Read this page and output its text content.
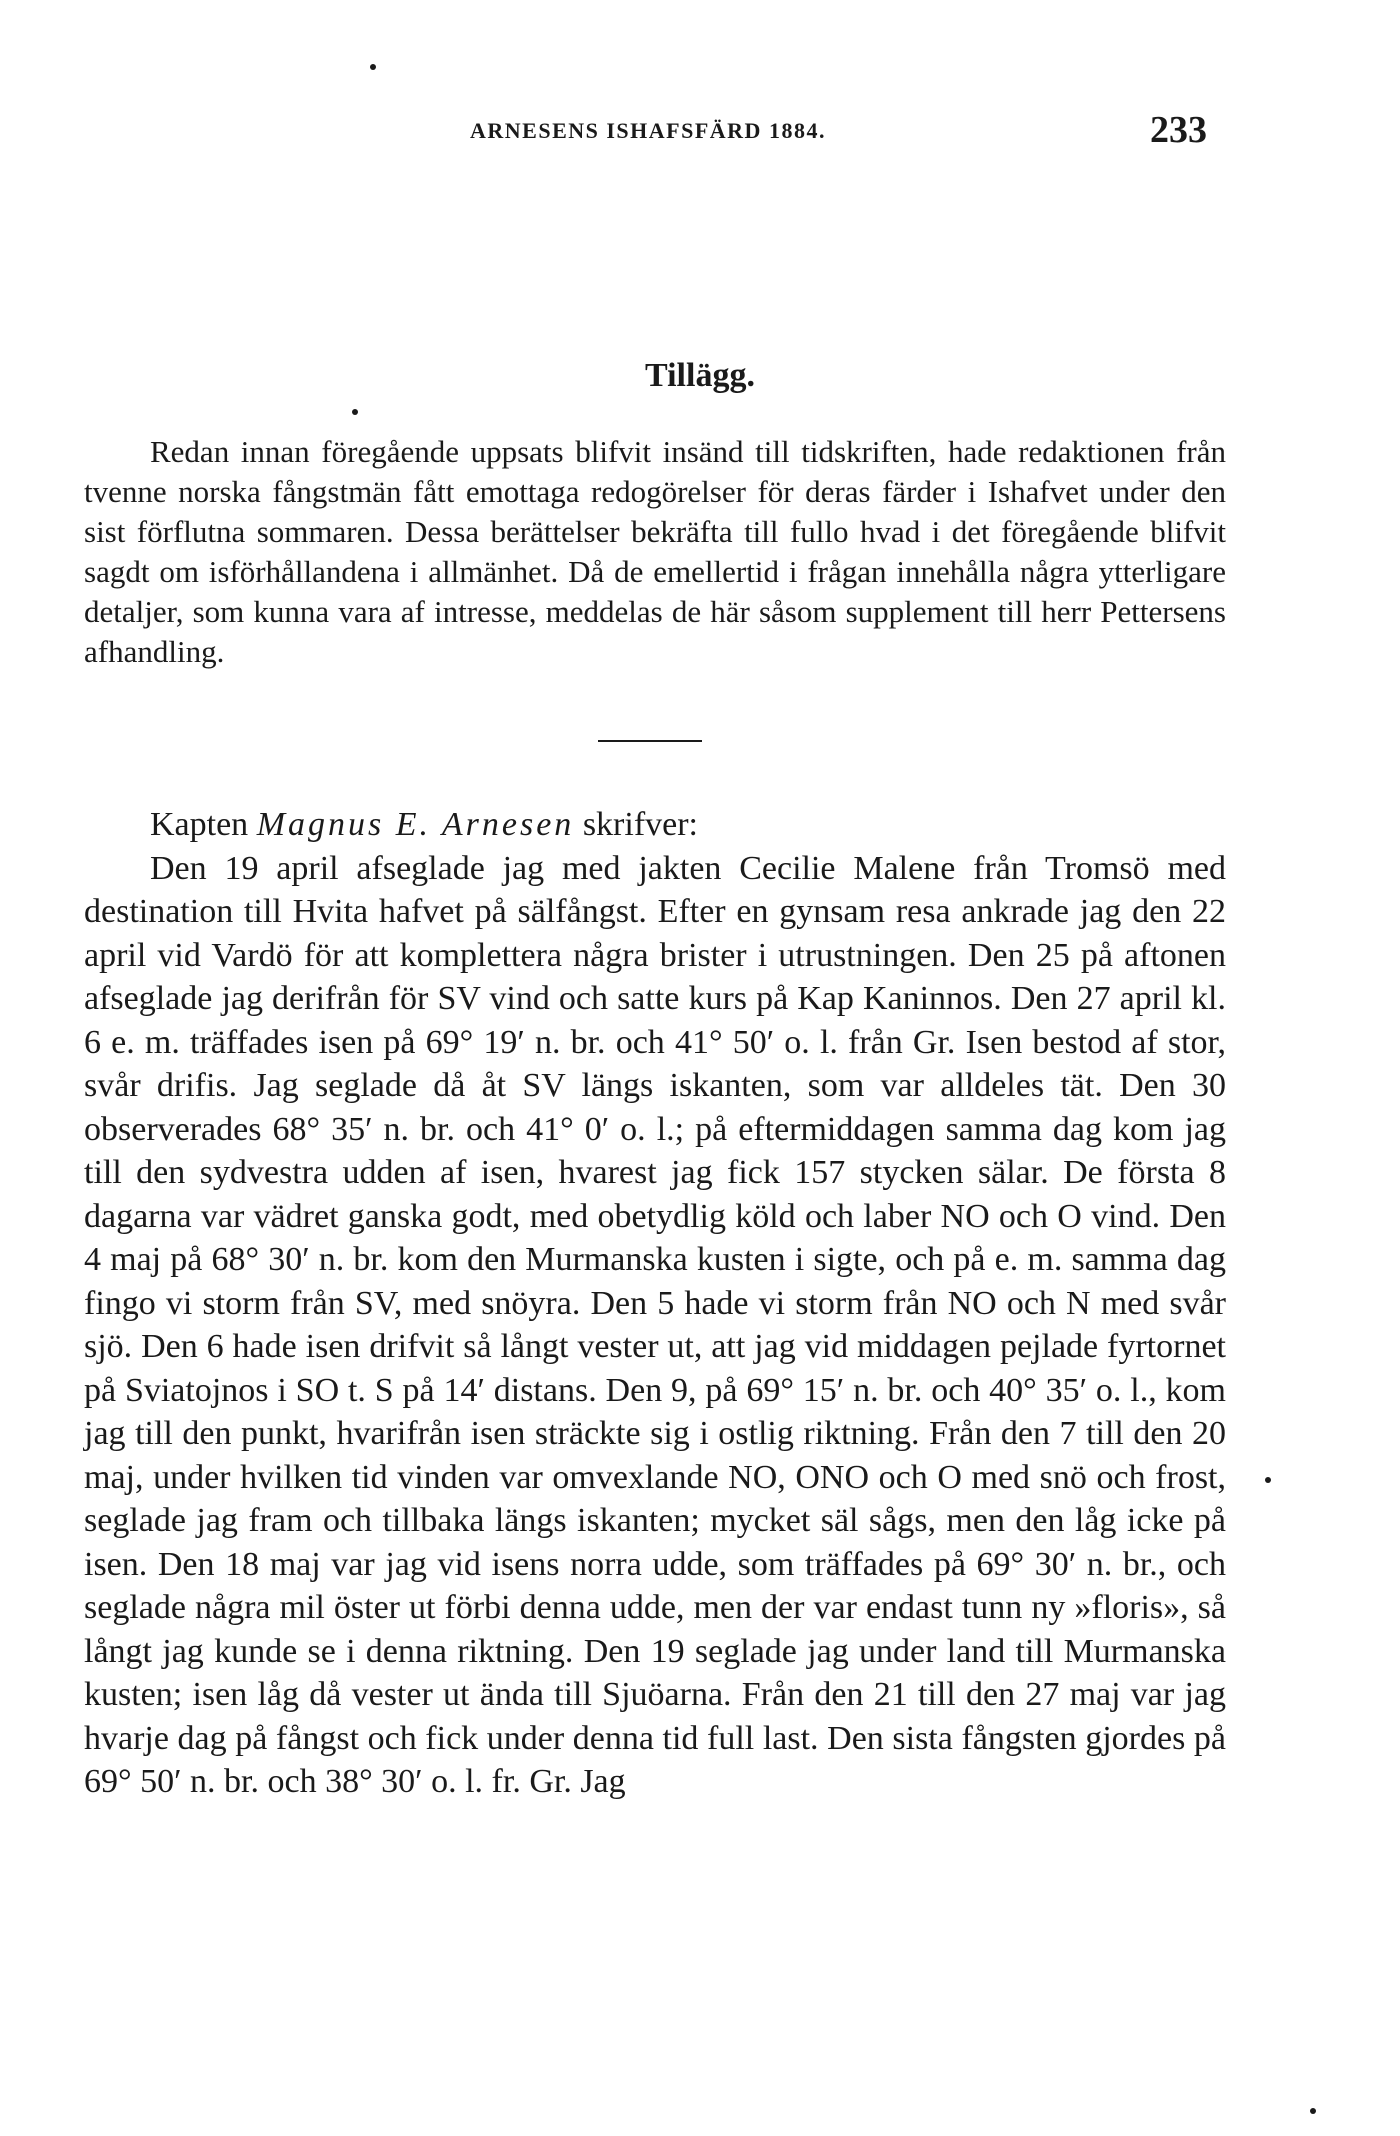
ARNESENS ISHAFSFÄRD 1884.	233
Tillägg.
Redan innan föregående uppsats blifvit insänd till tidskriften, hade redaktionen från tvenne norska fångstmän fått emottaga redogörelser för deras färder i Ishafvet under den sist förflutna sommaren. Dessa berättelser bekräfta till fullo hvad i det föregående blifvit sagdt om isförhållandena i allmänhet. Då de emellertid i frågan innehålla några ytterligare detaljer, som kunna vara af intresse, meddelas de här såsom supplement till herr Pettersens afhandling.
Kapten Magnus E. Arnesen skrifver:
Den 19 april afseglade jag med jakten Cecilie Malene från Tromsö med destination till Hvita hafvet på sälfångst. Efter en gynsam resa ankrade jag den 22 april vid Vardö för att komplettera några brister i utrustningen. Den 25 på aftonen afseglade jag derifrån för SV vind och satte kurs på Kap Kaninnos. Den 27 april kl. 6 e. m. träffades isen på 69° 19′ n. br. och 41° 50′ o. l. från Gr. Isen bestod af stor, svår drifis. Jag seglade då åt SV längs iskanten, som var alldeles tät. Den 30 observerades 68° 35′ n. br. och 41° 0′ o. l.; på eftermiddagen samma dag kom jag till den sydvestra udden af isen, hvarest jag fick 157 stycken sälar. De första 8 dagarna var vädret ganska godt, med obetydlig köld och laber NO och O vind. Den 4 maj på 68° 30′ n. br. kom den Murmanska kusten i sigte, och på e. m. samma dag fingo vi storm från SV, med snöyra. Den 5 hade vi storm från NO och N med svår sjö. Den 6 hade isen drifvit så långt vester ut, att jag vid middagen pejlade fyrtornet på Sviatojnos i SO t. S på 14′ distans. Den 9, på 69° 15′ n. br. och 40° 35′ o. l., kom jag till den punkt, hvarifrån isen sträckte sig i ostlig riktning. Från den 7 till den 20 maj, under hvilken tid vinden var omvexlande NO, ONO och O med snö och frost, seglade jag fram och tillbaka längs iskanten; mycket säl sågs, men den låg icke på isen. Den 18 maj var jag vid isens norra udde, som träffades på 69° 30′ n. br., och seglade några mil öster ut förbi denna udde, men der var endast tunn ny »floris», så långt jag kunde se i denna riktning. Den 19 seglade jag under land till Murmanska kusten; isen låg då vester ut ända till Sjuöarna. Från den 21 till den 27 maj var jag hvarje dag på fångst och fick under denna tid full last. Den sista fångsten gjordes på 69° 50′ n. br. och 38° 30′ o. l. fr. Gr. Jag
